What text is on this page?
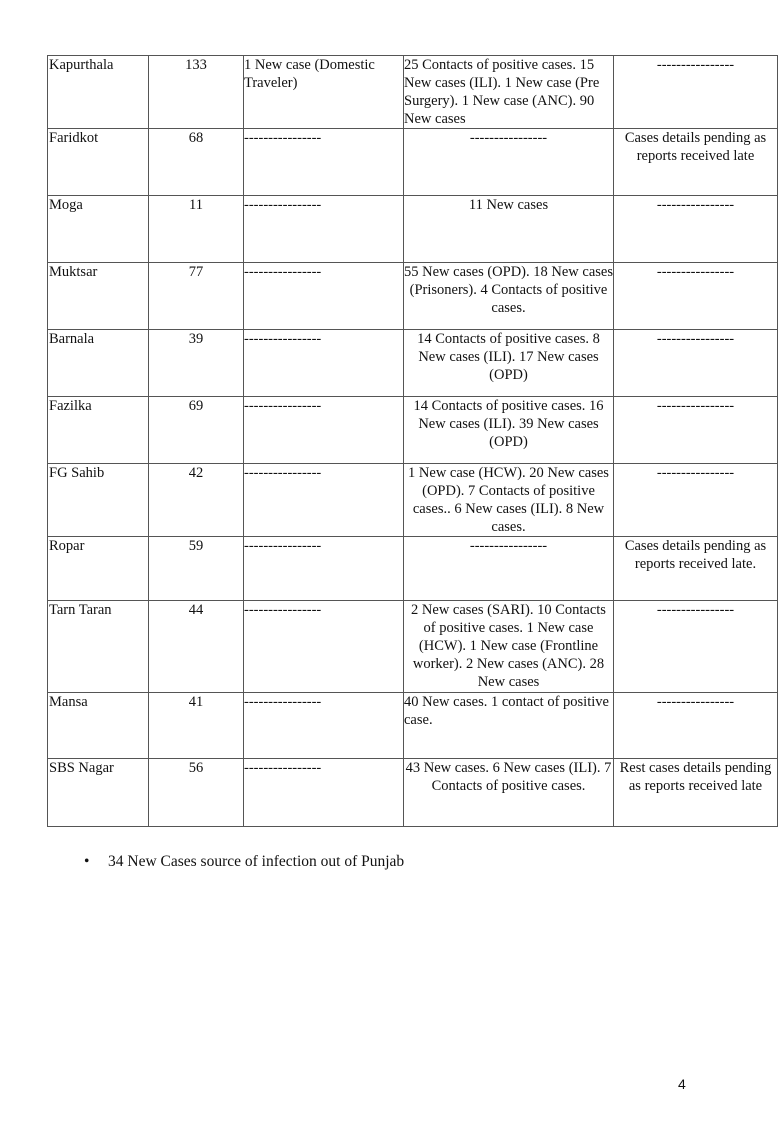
Kapurthala	133	1 New case (Domestic Traveler)	25 Contacts of positive cases. 15 New cases (ILI). 1 New case (Pre Surgery). 1 New case (ANC). 90 New cases	----------------
Faridkot	68	----------------	----------------	Cases details pending as reports received late
Moga	11	----------------	11 New cases	----------------
Muktsar	77	----------------	55 New cases (OPD). 18 New cases (Prisoners). 4 Contacts of positive cases.	----------------
Barnala	39	----------------	14 Contacts of positive cases. 8 New cases (ILI). 17 New cases (OPD)	----------------
Fazilka	69	----------------	14 Contacts of positive cases. 16 New cases (ILI). 39 New cases (OPD)	----------------
FG Sahib	42	----------------	1 New case (HCW). 20 New cases (OPD). 7 Contacts of positive cases.. 6 New cases (ILI). 8 New cases.	----------------
Ropar	59	----------------	----------------	Cases details pending as reports received late.
Tarn Taran	44	----------------	2 New cases (SARI). 10 Contacts of positive cases. 1 New case (HCW). 1 New case (Frontline worker). 2 New cases (ANC). 28 New cases	----------------
Mansa	41	----------------	40 New cases. 1 contact of positive case.	----------------
SBS Nagar	56	----------------	43 New cases. 6 New cases (ILI). 7 Contacts of positive cases.	Rest cases details pending as reports received late
• 34 New Cases source of infection out of Punjab
4
